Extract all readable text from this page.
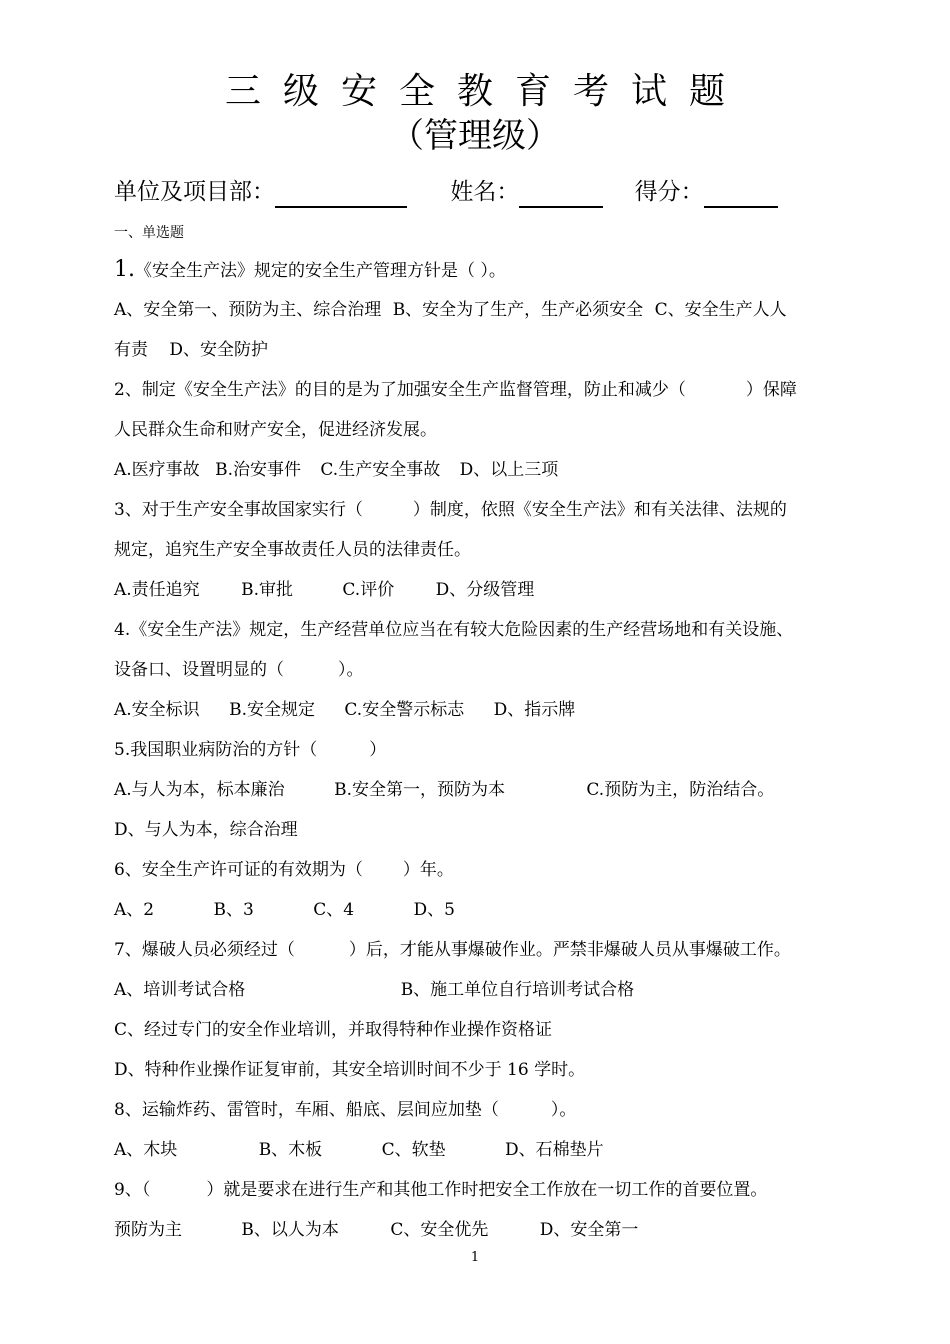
三级安全教育考试题
（管理级）
单位及项目部：	姓名：	得分：
一、单选题
1.《安全生产法》规定的安全生产管理方针是（ ）。
A、安全第一、预防为主、综合治理 B、安全为了生产，生产必须安全 C、安全生产人人
有责 D、安全防护
2、制定《安全生产法》的目的是为了加强安全生产监督管理，防止和减少（	）保障
人民群众生命和财产安全，促进经济发展。
A.医疗事故 B.治安事件 C.生产安全事故 D、以上三项
3、对于生产安全事故国家实行（	）制度，依照《安全生产法》和有关法律、法规的
规定，追究生产安全事故责任人员的法律责任。
A.责任追究 B.审批	C.评价 D、分级管理
4.《安全生产法》规定，生产经营单位应当在有较大危险因素的生产经营场地和有关设施、
设备口、设置明显的（	）。
A.安全标识 B.安全规定 C.安全警示标志 D、指示牌
5.我国职业病防治的方针（	）
A.与人为本，标本廉治	B.安全第一，预防为本	C.预防为主，防治结合。
D、与人为本，综合治理
6、安全生产许可证的有效期为（ ）年。
A、2	B、3	C、4	D、5
7、爆破人员必须经过（	）后，才能从事爆破作业。严禁非爆破人员从事爆破工作。
A、培训考试合格	B、施工单位自行培训考试合格
C、经过专门的安全作业培训，并取得特种作业操作资格证
D、特种作业操作证复审前，其安全培训时间不少于 16 学时。
8、运输炸药、雷管时，车厢、船底、层间应加垫（	）。
A、木块	B、木板	C、软垫	D、石棉垫片
9、（	）就是要求在进行生产和其他工作时把安全工作放在一切工作的首要位置。
预防为主	B、以人为本	C、安全优先	D、安全第一
1
